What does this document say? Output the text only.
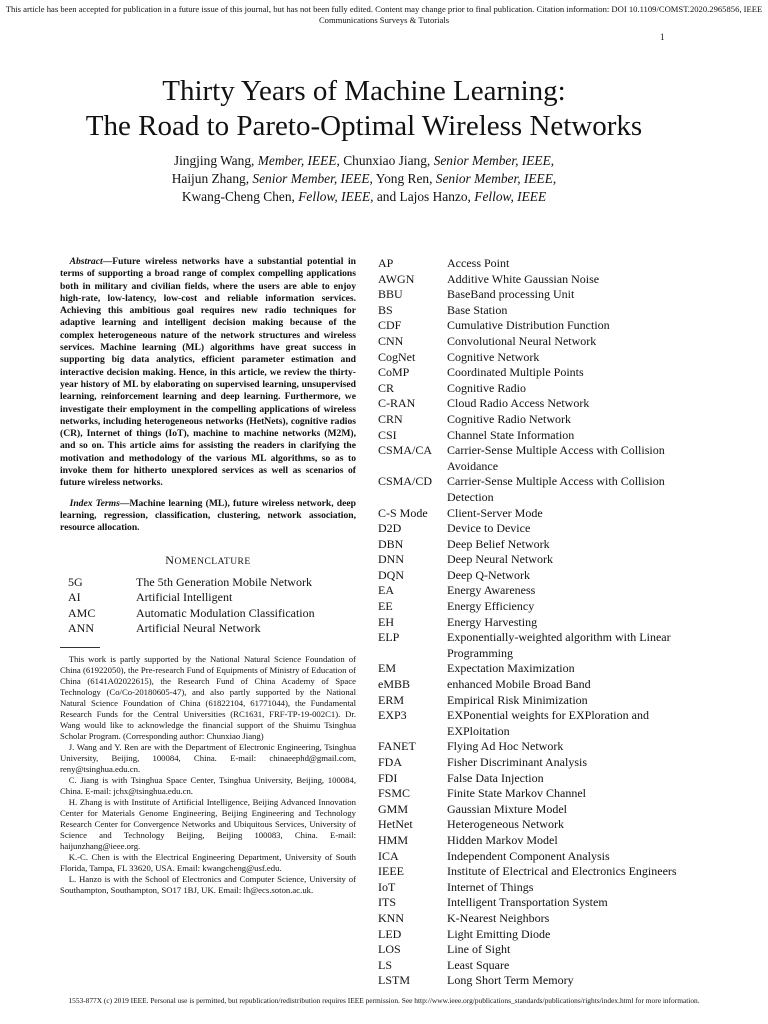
This article has been accepted for publication in a future issue of this journal, but has not been fully edited. Content may change prior to final publication. Citation information: DOI 10.1109/COMST.2020.2965856, IEEE
Communications Surveys & Tutorials
1
Thirty Years of Machine Learning:
The Road to Pareto-Optimal Wireless Networks
Jingjing Wang, Member, IEEE, Chunxiao Jiang, Senior Member, IEEE,
Haijun Zhang, Senior Member, IEEE, Yong Ren, Senior Member, IEEE,
Kwang-Cheng Chen, Fellow, IEEE, and Lajos Hanzo, Fellow, IEEE

Abstract—Future wireless networks have a substantial potential in terms of supporting a broad range of complex compelling applications both in military and civilian fields, where the users are able to enjoy high-rate, low-latency, low-cost and reliable information services. Achieving this ambitious goal requires new radio techniques for adaptive learning and intelligent decision making because of the complex heterogeneous nature of the network structures and wireless services. Machine learning (ML) algorithms have great success in supporting big data analytics, efficient parameter estimation and interactive decision making. Hence, in this article, we review the thirty-year history of ML by elaborating on supervised learning, unsupervised learning, reinforcement learning and deep learning. Furthermore, we investigate their employment in the compelling applications of wireless networks, including heterogeneous networks (HetNets), cognitive radios (CR), Internet of things (IoT), machine to machine networks (M2M), and so on. This article aims for assisting the readers in clarifying the motivation and methodology of the various ML algorithms, so as to invoke them for hitherto unexplored services as well as scenarios of future wireless networks.

Index Terms—Machine learning (ML), future wireless network, deep learning, regression, classification, clustering, network association, resource allocation.

NOMENCLATURE
5G	The 5th Generation Mobile Network
AI	Artificial Intelligent
AMC	Automatic Modulation Classification
ANN	Artificial Neural Network

This work is partly supported by the National Natural Science Foundation of China (61922050), the Pre-research Fund of Equipments of Ministry of Education of China (6141A02022615), the Research Fund of China Academy of Space Technology (Co/Co-20180605-47), and also partly supported by the National Natural Science Foundation of China (61822104, 61771044), the Fundamental Research Funds for the Central Universities (RC1631, FRF-TP-19-002C1). Dr. Wang would like to acknowledge the financial support of the Shuimu Tsinghua Scholar Program. (Corresponding author: Chunxiao Jiang)

J. Wang and Y. Ren are with the Department of Electronic Engineering, Tsinghua University, Beijing, 100084, China. E-mail: chinaeephd@gmail.com, reny@tsinghua.edu.cn.

C. Jiang is with Tsinghua Space Center, Tsinghua University, Beijing, 100084, China. E-mail: jchx@tsinghua.edu.cn.

H. Zhang is with Institute of Artificial Intelligence, Beijing Advanced Innovation Center for Materials Genome Engineering, Beijing Engineering and Technology Research Center for Convergence Networks and Ubiquitous Services, University of Science and Technology Beijing, Beijing 100083, China. E-mail: haijunzhang@ieee.org.

K.-C. Chen is with the Electrical Engineering Department, University of South Florida, Tampa, FL 33620, USA. Email: kwangcheng@usf.edu.

L. Hanzo is with the School of Electronics and Computer Science, University of Southampton, Southampton, SO17 1BJ, UK. Email: lh@ecs.soton.ac.uk.

AP	Access Point
AWGN	Additive White Gaussian Noise
BBU	BaseBand processing Unit
BS	Base Station
CDF	Cumulative Distribution Function
CNN	Convolutional Neural Network
CogNet	Cognitive Network
CoMP	Coordinated Multiple Points
CR	Cognitive Radio
C-RAN	Cloud Radio Access Network
CRN	Cognitive Radio Network
CSI	Channel State Information
CSMA/CA	Carrier-Sense Multiple Access with Collision Avoidance
CSMA/CD	Carrier-Sense Multiple Access with Collision Detection
C-S Mode	Client-Server Mode
D2D	Device to Device
DBN	Deep Belief Network
DNN	Deep Neural Network
DQN	Deep Q-Network
EA	Energy Awareness
EE	Energy Efficiency
EH	Energy Harvesting
ELP	Exponentially-weighted algorithm with Linear Programming
EM	Expectation Maximization
eMBB	enhanced Mobile Broad Band
ERM	Empirical Risk Minimization
EXP3	EXPonential weights for EXPloration and EXPloitation
FANET	Flying Ad Hoc Network
FDA	Fisher Discriminant Analysis
FDI	False Data Injection
FSMC	Finite State Markov Channel
GMM	Gaussian Mixture Model
HetNet	Heterogeneous Network
HMM	Hidden Markov Model
ICA	Independent Component Analysis
IEEE	Institute of Electrical and Electronics Engineers
IoT	Internet of Things
ITS	Intelligent Transportation System
KNN	K-Nearest Neighbors
LED	Light Emitting Diode
LOS	Line of Sight
LS	Least Square
LSTM	Long Short Term Memory
1553-877X (c) 2019 IEEE. Personal use is permitted, but republication/redistribution requires IEEE permission. See http://www.ieee.org/publications_standards/publications/rights/index.html for more information.
